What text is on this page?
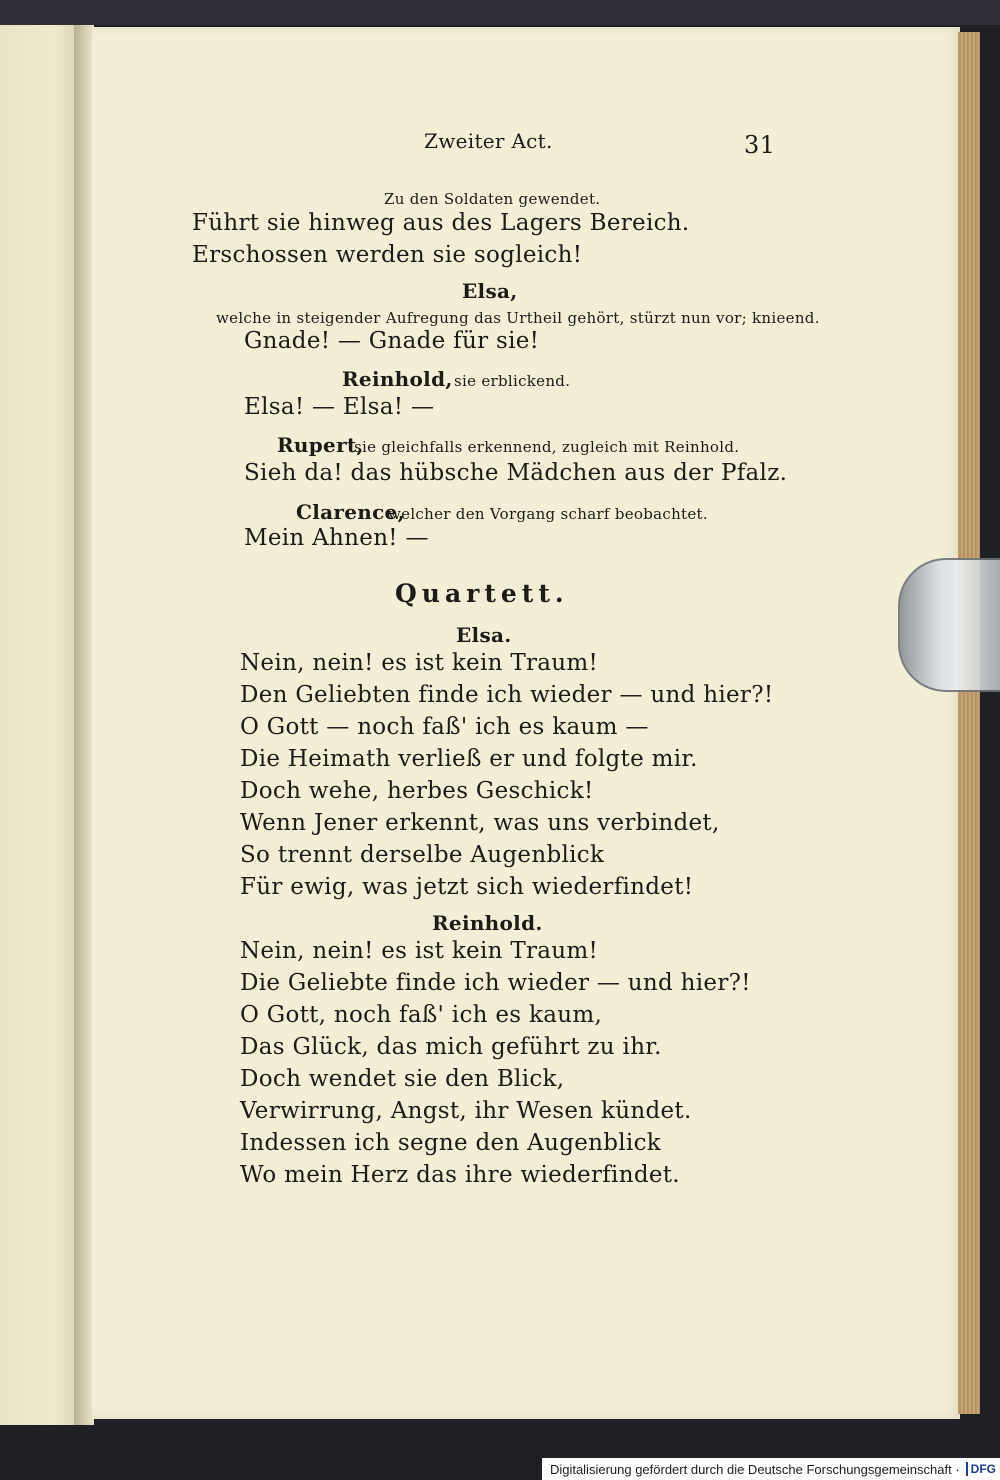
Zweiter Act.	31
Zu den Soldaten gewendet.
Führt sie hinweg aus des Lagers Bereich.
Erschossen werden sie sogleich!
Elsa,
welche in steigender Aufregung das Urtheil gehört, stürzt nun vor; knieend.
Gnade! — Gnade für sie!
Reinhold, sie erblickend.
Elsa! — Elsa! —
Rupert,
sie gleichfalls erkennend, zugleich mit Reinhold.
Sieh da! das hübsche Mädchen aus der Pfalz.
Clarence,
welcher den Vorgang scharf beobachtet.
Mein Ahnen! —
Quartett.
Elsa.
Nein, nein! es ist kein Traum!
Den Geliebten finde ich wieder — und hier?!
O Gott — noch faß' ich es kaum —
Die Heimath verließ er und folgte mir.
Doch wehe, herbes Geschick!
Wenn Jener erkennt, was uns verbindet,
So trennt derselbe Augenblick
Für ewig, was jetzt sich wiederfindet!
Reinhold.
Nein, nein! es ist kein Traum!
Die Geliebte finde ich wieder — und hier?!
O Gott, noch faß' ich es kaum,
Das Glück, das mich geführt zu ihr.
Doch wendet sie den Blick,
Verwirrung, Angst, ihr Wesen kündet.
Indessen ich segne den Augenblick
Wo mein Herz das ihre wiederfindet.
Digitalisierung gefördert durch die Deutsche Forschungsgemeinschaft · DFG
